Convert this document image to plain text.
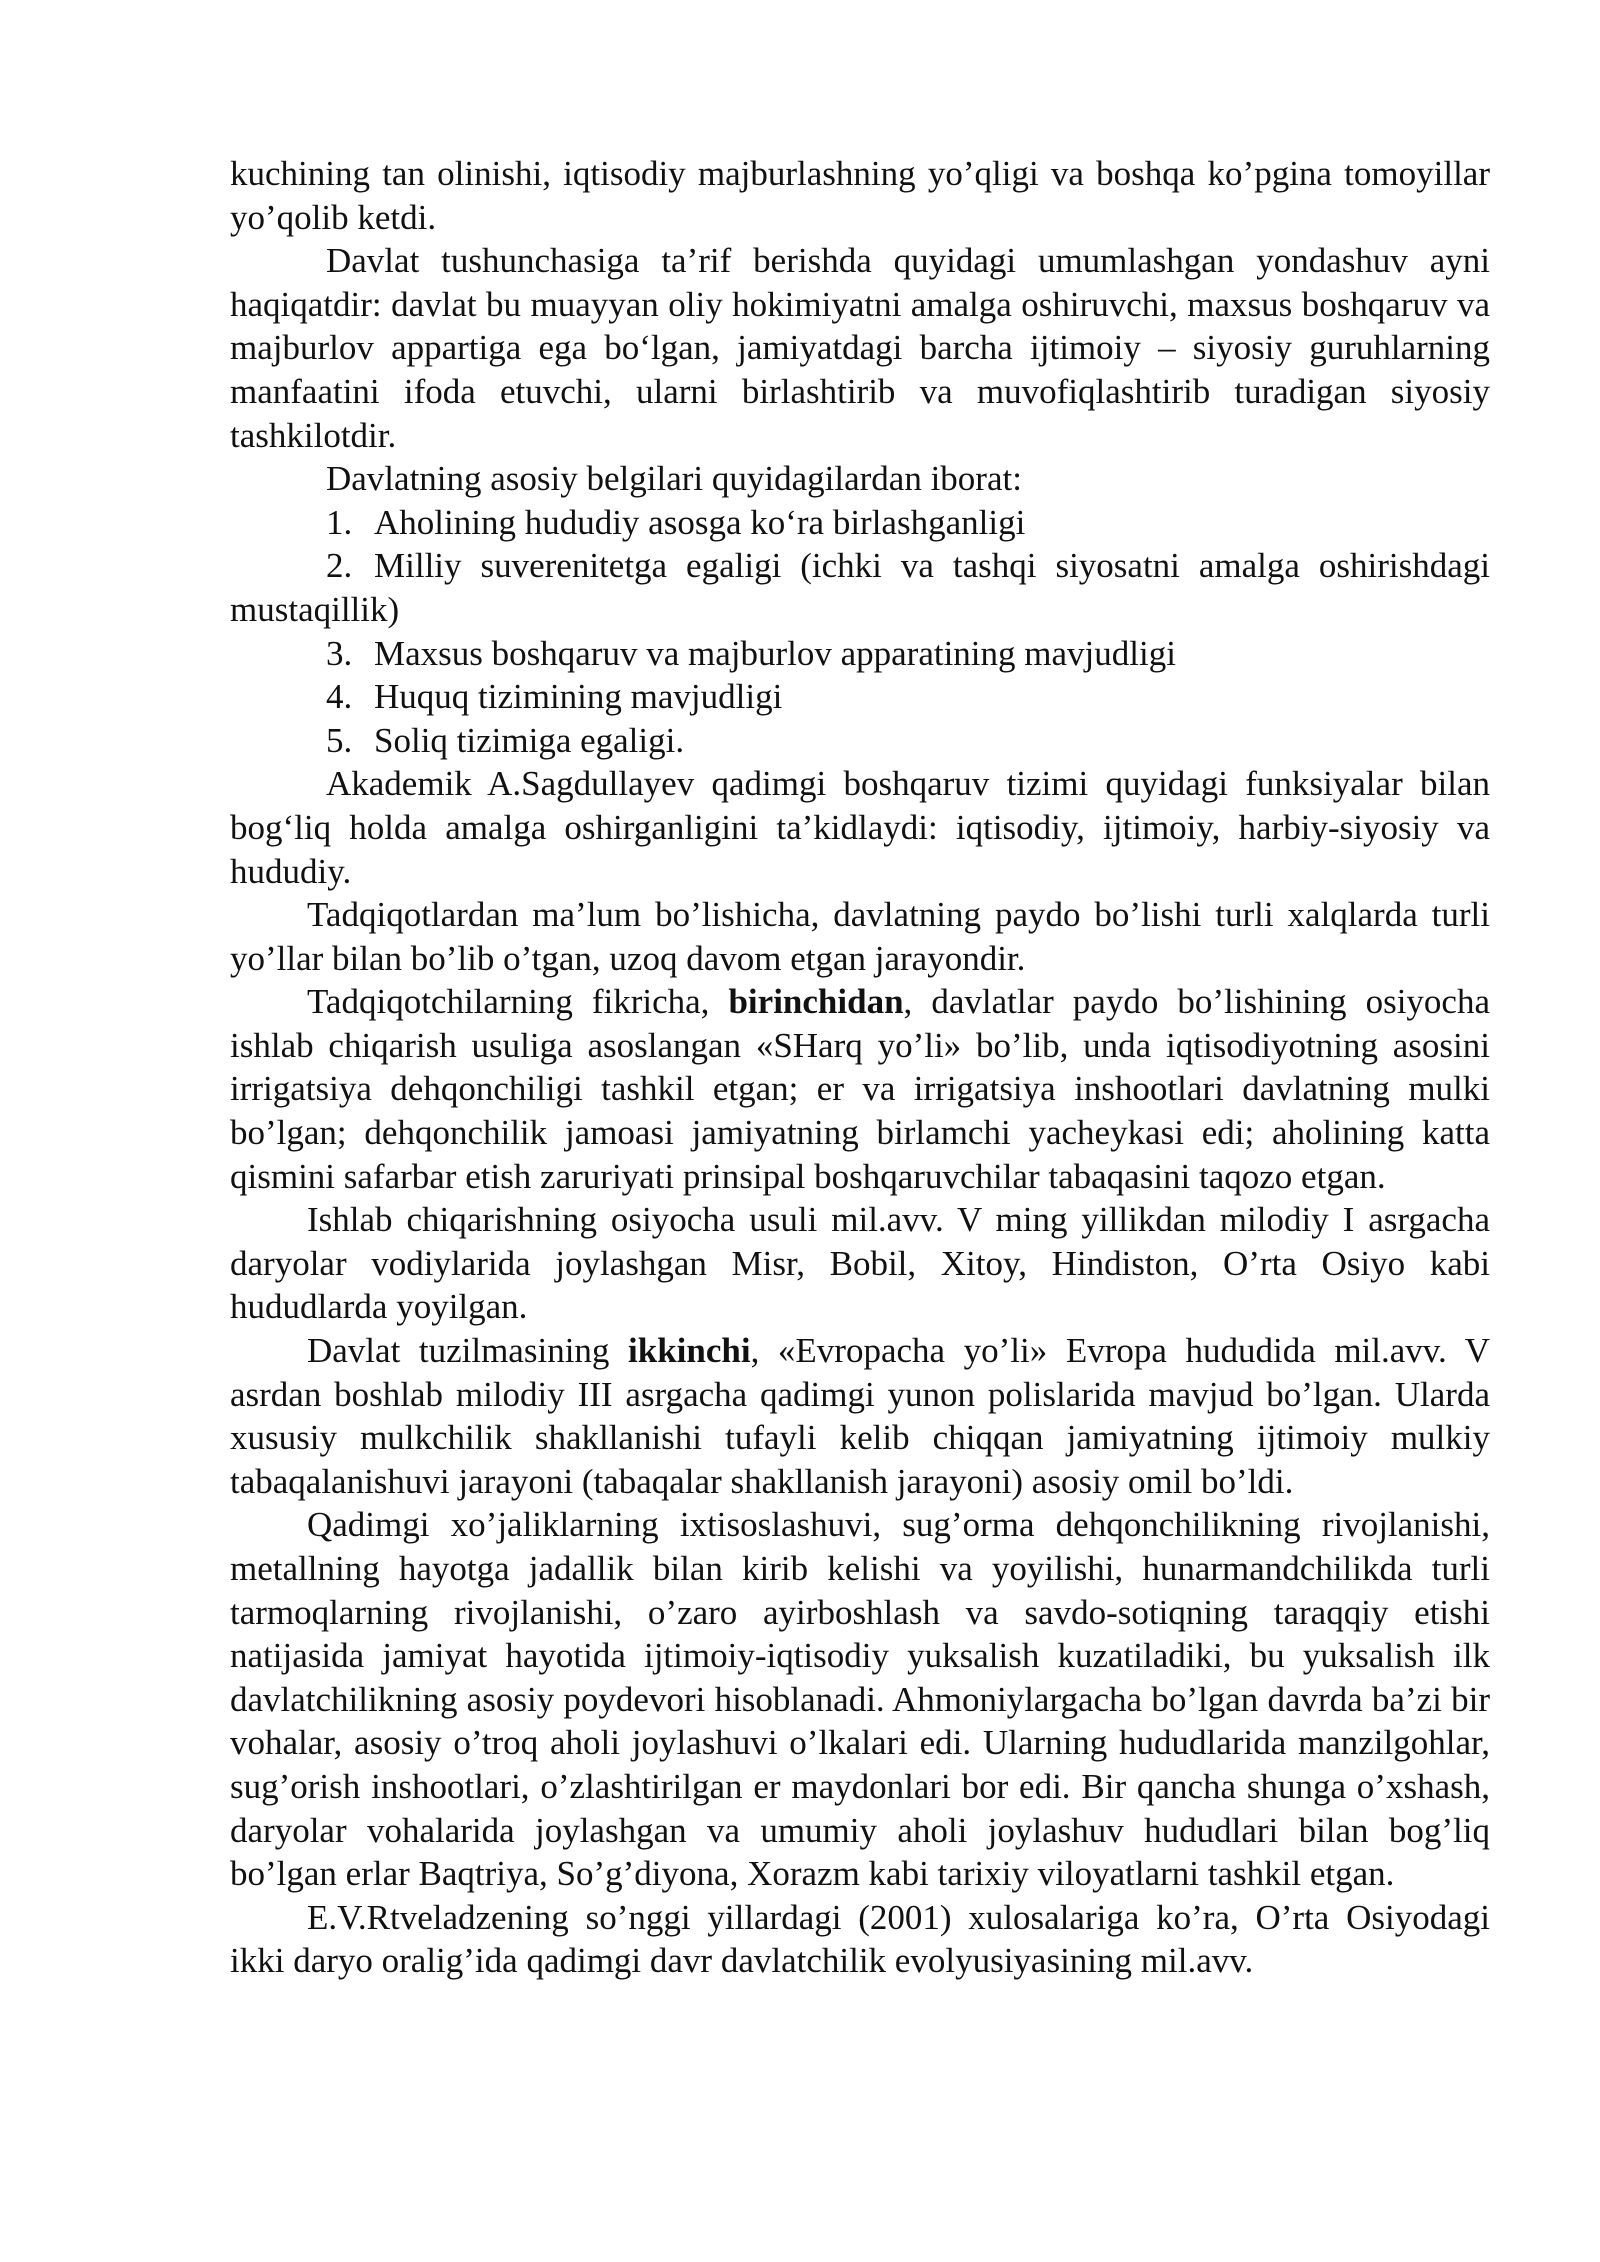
kuchining tan olinishi, iqtisodiy majburlashning yo’qligi va boshqa ko’pgina tomoyillar yo’qolib ketdi.

Davlat tushunchasiga ta’rif berishda quyidagi umumlashgan yondashuv ayni haqiqatdir: davlat bu muayyan oliy hokimiyatni amalga oshiruvchi, maxsus boshqaruv va majburlov appartiga ega bo‘lgan, jamiyatdagi barcha ijtimoiy – siyosiy guruhlarning manfaatini ifoda etuvchi, ularni birlashtirib va muvofiqlashtirib turadigan siyosiy tashkilotdir.

Davlatning asosiy belgilari quyidagilardan iborat:

1. Aholining hududiy asosga ko‘ra birlashganligi

2. Milliy suverenitetga egaligi (ichki va tashqi siyosatni amalga oshirishdagi mustaqillik)

3. Maxsus boshqaruv va majburlov apparatining mavjudligi

4. Huquq tizimining mavjudligi

5. Soliq tizimiga egaligi.

Akademik A.Sagdullayev qadimgi boshqaruv tizimi quyidagi funksiyalar bilan bog‘liq holda amalga oshirganligini ta’kidlaydi: iqtisodiy, ijtimoiy, harbiy-siyosiy va hududiy.

Tadqiqotlardan ma’lum bo’lishicha, davlatning paydo bo’lishi turli xalqlarda turli yo’llar bilan bo’lib o’tgan, uzoq davom etgan jarayondir.

Tadqiqotchilarning fikricha, birinchidan, davlatlar paydo bo’lishining osiyocha ishlab chiqarish usuliga asoslangan «SHarq yo’li» bo’lib, unda iqtisodiyotning asosini irrigatsiya dehqonchiligi tashkil etgan; er va irrigatsiya inshootlari davlatning mulki bo’lgan; dehqonchilik jamoasi jamiyatning birlamchi yacheykasi edi; aholining katta qismini safarbar etish zaruriyati prinsipal boshqaruvchilar tabaqasini taqozo etgan.

Ishlab chiqarishning osiyocha usuli mil.avv. V ming yillikdan milodiy I asrgacha daryolar vodiylarida joylashgan Misr, Bobil, Xitoy, Hindiston, O’rta Osiyo kabi hududlarda yoyilgan.

Davlat tuzilmasining ikkinchi, «Evropacha yo’li» Evropa hududida mil.avv. V asrdan boshlab milodiy III asrgacha qadimgi yunon polislarida mavjud bo’lgan. Ularda xususiy mulkchilik shakllanishi tufayli kelib chiqqan jamiyatning ijtimoiy mulkiy tabaqalanishuvi jarayoni (tabaqalar shakllanish jarayoni) asosiy omil bo’ldi.

Qadimgi xo’jaliklarning ixtisoslashuvi, sug’orma dehqonchilikning rivojlanishi, metallning hayotga jadallik bilan kirib kelishi va yoyilishi, hunarmandchilikda turli tarmoqlarning rivojlanishi, o’zaro ayirboshlash va savdo-sotiqning taraqqiy etishi natijasida jamiyat hayotida ijtimoiy-iqtisodiy yuksalish kuzatiladiki, bu yuksalish ilk davlatchilikning asosiy poydevori hisoblanadi. Ahmoniylargacha bo’lgan davrda ba’zi bir vohalar, asosiy o’troq aholi joylashuvi o’lkalari edi. Ularning hududlarida manzilgohlar, sug’orish inshootlari, o’zlashtirilgan er maydonlari bor edi. Bir qancha shunga o’xshash, daryolar vohalarida joylashgan va umumiy aholi joylashuv hududlari bilan bog’liq bo’lgan erlar Baqtriya, So’g’diyona, Xorazm kabi tarixiy viloyatlarni tashkil etgan.

E.V.Rtveladzening so’nggi yillardagi (2001) xulosalariga ko’ra, O’rta Osiyodagi ikki daryo oralig’ida qadimgi davr davlatchilik evolyusiyasining mil.avv.
